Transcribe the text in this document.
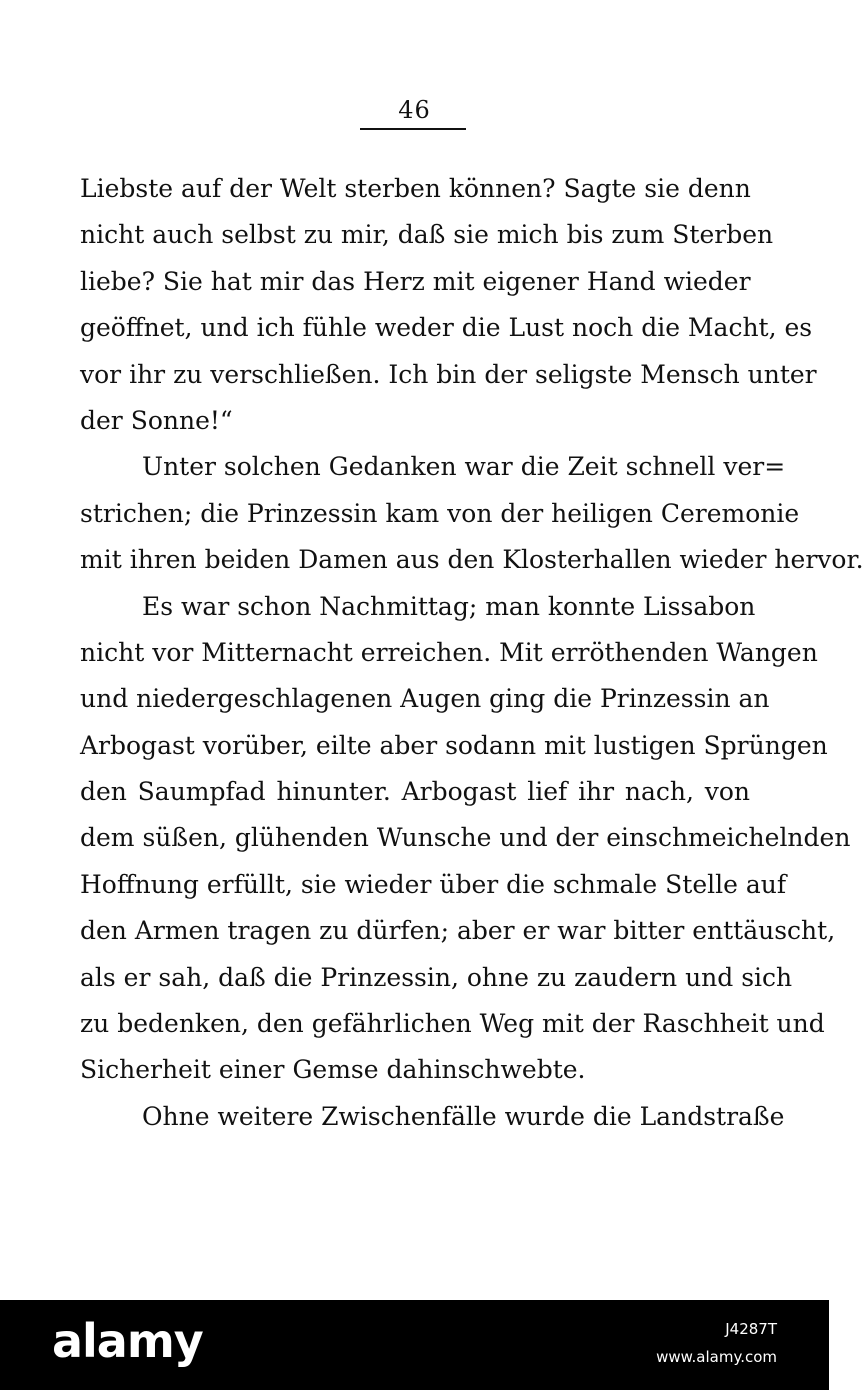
46
Liebste auf der Welt sterben können? Sagte sie denn
nicht auch selbst zu mir, daß sie mich bis zum Sterben
liebe? Sie hat mir das Herz mit eigener Hand wieder
geöffnet, und ich fühle weder die Lust noch die Macht, es
vor ihr zu verschließen. Ich bin der seligste Mensch unter
der Sonne!“
Unter solchen Gedanken war die Zeit schnell ver=
strichen; die Prinzessin kam von der heiligen Ceremonie
mit ihren beiden Damen aus den Klosterhallen wieder hervor.
Es war schon Nachmittag; man konnte Lissabon
nicht vor Mitternacht erreichen. Mit erröthenden Wangen
und niedergeschlagenen Augen ging die Prinzessin an
Arbogast vorüber, eilte aber sodann mit lustigen Sprüngen
den Saumpfad hinunter. Arbogast lief ihr nach, von
dem süßen, glühenden Wunsche und der einschmeichelnden
Hoffnung erfüllt, sie wieder über die schmale Stelle auf
den Armen tragen zu dürfen; aber er war bitter enttäuscht,
als er sah, daß die Prinzessin, ohne zu zaudern und sich
zu bedenken, den gefährlichen Weg mit der Raschheit und
Sicherheit einer Gemse dahinschwebte.
Ohne weitere Zwischenfälle wurde die Landstraße
alamy	J4287T
www.alamy.com
